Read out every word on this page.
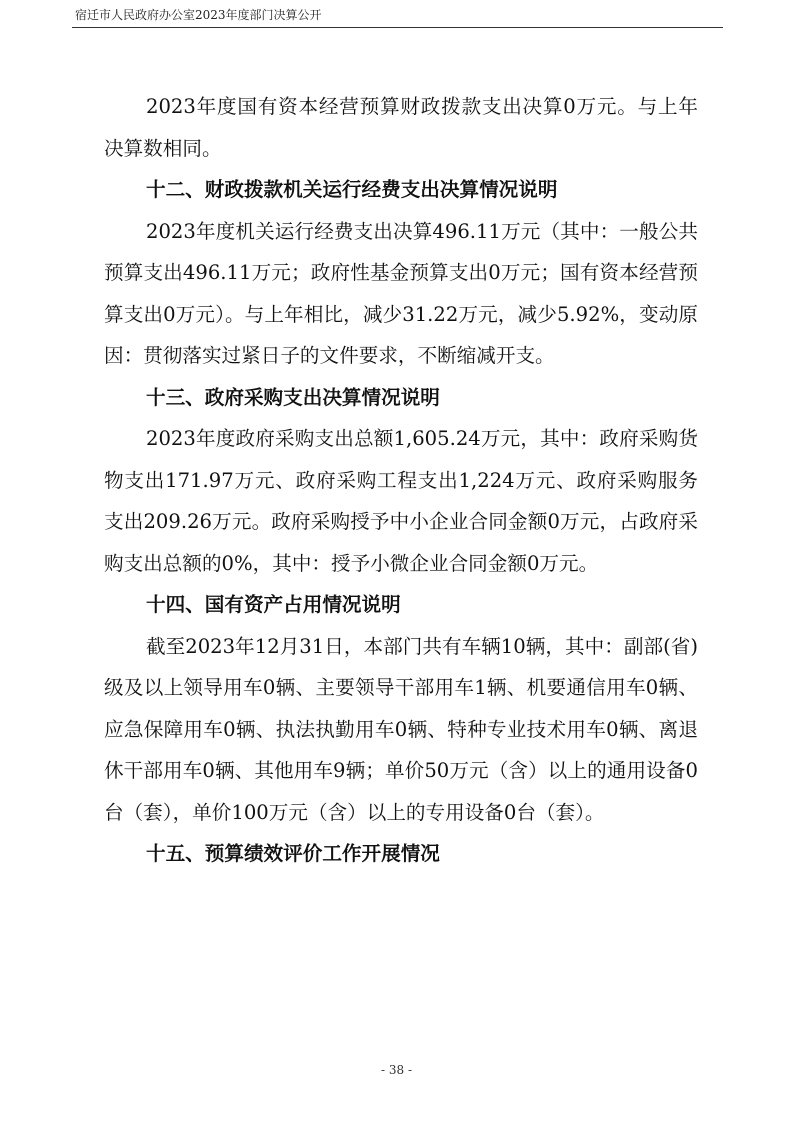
宿迁市人民政府办公室2023年度部门决算公开

2023年度国有资本经营预算财政拨款支出决算0万元。与上年决算数相同。

十二、财政拨款机关运行经费支出决算情况说明

2023年度机关运行经费支出决算496.11万元（其中：一般公共预算支出496.11万元；政府性基金预算支出0万元；国有资本经营预算支出0万元）。与上年相比，减少31.22万元，减少5.92%，变动原因：贯彻落实过紧日子的文件要求，不断缩减开支。

十三、政府采购支出决算情况说明

2023年度政府采购支出总额1,605.24万元，其中：政府采购货物支出171.97万元、政府采购工程支出1,224万元、政府采购服务支出209.26万元。政府采购授予中小企业合同金额0万元，占政府采购支出总额的0%，其中：授予小微企业合同金额0万元。

十四、国有资产占用情况说明

截至2023年12月31日，本部门共有车辆10辆，其中：副部(省)级及以上领导用车0辆、主要领导干部用车1辆、机要通信用车0辆、应急保障用车0辆、执法执勤用车0辆、特种专业技术用车0辆、离退休干部用车0辆、其他用车9辆；单价50万元（含）以上的通用设备0台（套），单价100万元（含）以上的专用设备0台（套）。

十五、预算绩效评价工作开展情况
- 38 -
